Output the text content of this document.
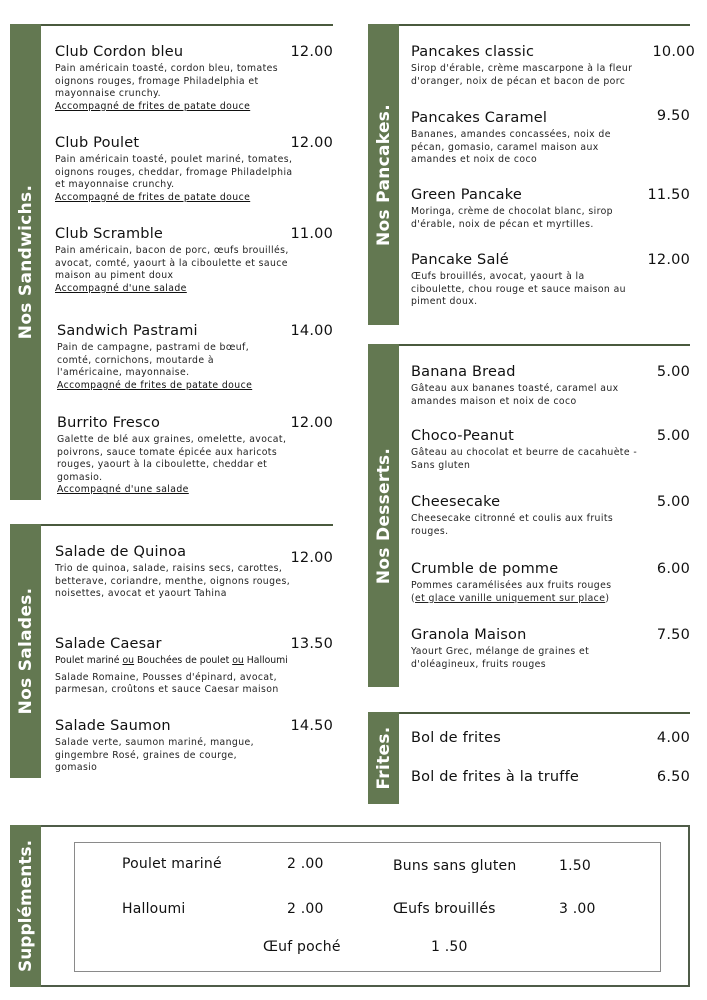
Nos Sandwichs.
Club Cordon bleu	12.00
Pain américain toasté, cordon bleu, tomates oignons rouges, fromage Philadelphia et mayonnaise crunchy.
Accompagné de frites de patate douce
Club Poulet	12.00
Pain américain toasté, poulet mariné, tomates, oignons rouges, cheddar, fromage Philadelphia et mayonnaise crunchy.
Accompagné de frites de patate douce
Club Scramble	11.00
Pain américain, bacon de porc, œufs brouillés, avocat, comté, yaourt à la ciboulette et sauce maison au piment doux
Accompagné d'une salade
Sandwich Pastrami	14.00
Pain de campagne, pastrami de bœuf, comté, cornichons, moutarde à l'américaine, mayonnaise.
Accompagné de frites de patate douce
Burrito Fresco	12.00
Galette de blé aux graines, omelette, avocat, poivrons, sauce tomate épicée aux haricots rouges, yaourt à la ciboulette, cheddar et gomasio.
Accompagné d'une salade
Nos Salades.
Salade de Quinoa	12.00
Trio de quinoa, salade, raisins secs, carottes, betterave, coriandre, menthe, oignons rouges, noisettes, avocat et yaourt Tahina
Salade Caesar	13.50
Poulet mariné ou Bouchées de poulet ou Halloumi
Salade Romaine, Pousses d'épinard, avocat, parmesan, croûtons et sauce Caesar maison
Salade Saumon	14.50
Salade verte, saumon mariné, mangue, gingembre Rosé, graines de courge, gomasio
Nos Pancakes.
Pancakes classic	10.00
Sirop d'érable, crème mascarpone à la fleur d'oranger, noix de pécan et bacon de porc
Pancakes Caramel	9.50
Bananes, amandes concassées, noix de pécan, gomasio, caramel maison aux amandes et noix de coco
Green Pancake	11.50
Moringa, crème de chocolat blanc, sirop d'érable, noix de pécan et myrtilles.
Pancake Salé	12.00
Œufs brouillés, avocat, yaourt à la ciboulette, chou rouge et sauce maison au piment doux.
Nos Desserts.
Banana Bread	5.00
Gâteau aux bananes toasté, caramel aux amandes maison et noix de coco
Choco-Peanut	5.00
Gâteau au chocolat et beurre de cacahuète - Sans gluten
Cheesecake	5.00
Cheesecake citronné et coulis aux fruits rouges.
Crumble de pomme	6.00
Pommes caramélisées aux fruits rouges
(et glace vanille uniquement sur place)
Granola Maison	7.50
Yaourt Grec, mélange de graines et d'oléagineux, fruits rouges
Frites. Bol de frites	4.00
Bol de frites à la truffe	6.50
Suppléments.	Poulet mariné	2 .00	Buns sans gluten	1.50
Halloumi	2 .00	Œufs brouillés	3 .00
Œuf poché	1 .50
